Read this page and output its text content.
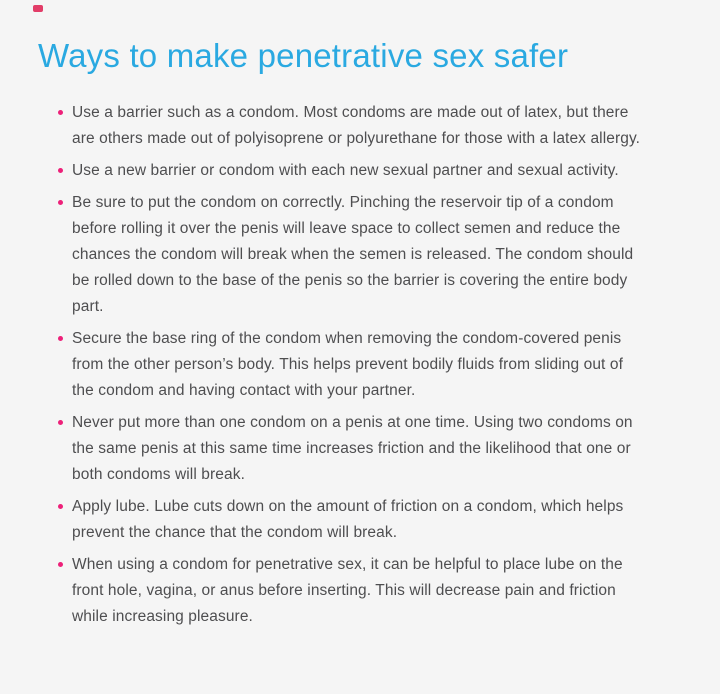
Ways to make penetrative sex safer
Use a barrier such as a condom. Most condoms are made out of latex, but there are others made out of polyisoprene or polyurethane for those with a latex allergy.
Use a new barrier or condom with each new sexual partner and sexual activity.
Be sure to put the condom on correctly. Pinching the reservoir tip of a condom before rolling it over the penis will leave space to collect semen and reduce the chances the condom will break when the semen is released. The condom should be rolled down to the base of the penis so the barrier is covering the entire body part.
Secure the base ring of the condom when removing the condom-covered penis from the other person’s body. This helps prevent bodily fluids from sliding out of the condom and having contact with your partner.
Never put more than one condom on a penis at one time. Using two condoms on the same penis at this same time increases friction and the likelihood that one or both condoms will break.
Apply lube. Lube cuts down on the amount of friction on a condom, which helps prevent the chance that the condom will break.
When using a condom for penetrative sex, it can be helpful to place lube on the front hole, vagina, or anus before inserting. This will decrease pain and friction while increasing pleasure.
